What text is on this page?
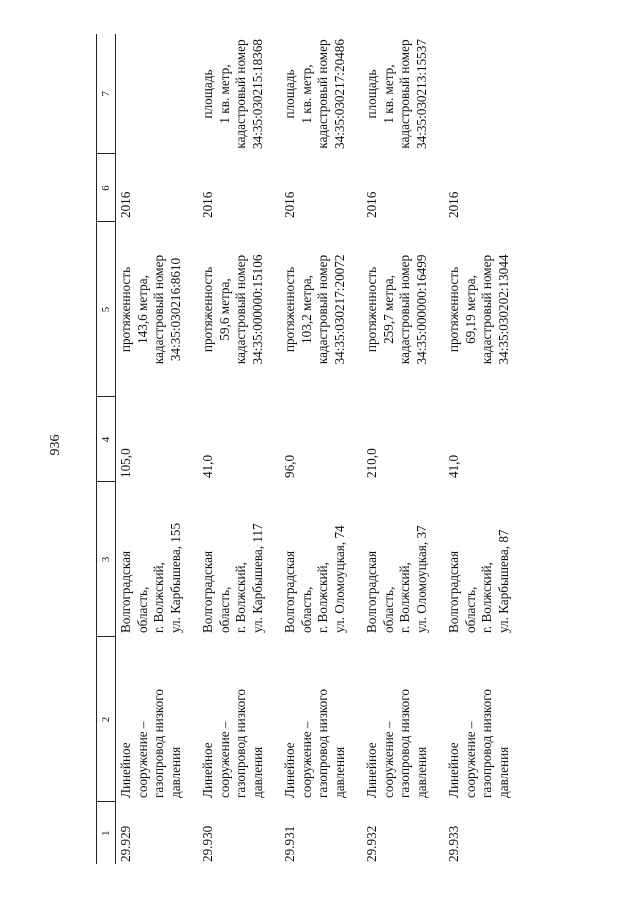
936
1	2	3	4	5	6	7
29.929	Линейное сооружение – газопровод низкого давления	Волгоградская область, г. Волжский, ул. Карбышева, 155	105,0	протяженность 143,6 метра, кадастровый номер 34:35:030216:8610	2016	
29.930	Линейное сооружение – газопровод низкого давления	Волгоградская область, г. Волжский, ул. Карбышева, 117	41,0	протяженность 59,6 метра, кадастровый номер 34:35:000000:15106	2016	площадь 1 кв. метр, кадастровый номер 34:35:030215:18368

29.931	Линейное сооружение – газопровод низкого давления	Волгоградская область, г. Волжский, ул. Оломоуцкая, 74	96,0	протяженность 103,2 метра, кадастровый номер 34:35:030217:20072	2016	площадь 1 кв. метр, кадастровый номер 34:35:030217:20486

29.932	Линейное сооружение – газопровод низкого давления	Волгоградская область, г. Волжский, ул. Оломоуцкая, 37	210,0	протяженность 259,7 метра, кадастровый номер 34:35:000000:16499	2016	площадь 1 кв. метр, кадастровый номер 34:35:030213:15537

29.933	Линейное сооружение – газопровод низкого давления	Волгоградская область, г. Волжский, ул. Карбышева, 87	41,0	протяженность 69,19 метра, кадастровый номер 34:35:030202:13044	2016	
